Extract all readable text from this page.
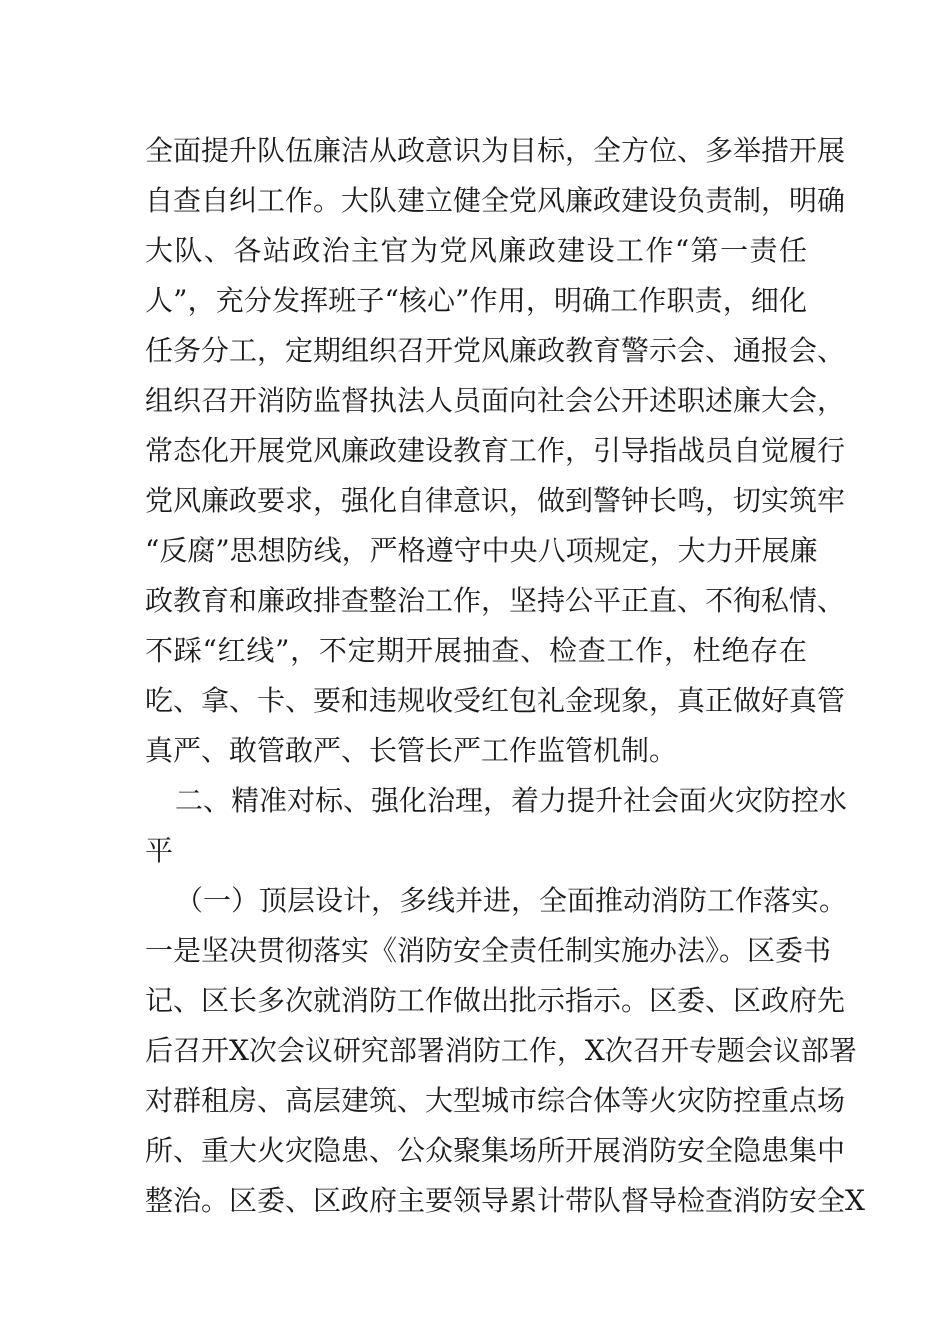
全面提升队伍廉洁从政意识为目标，全方位、多举措开展
自查自纠工作。大队建立健全党风廉政建设负责制，明确
大队、各站政治主官为党风廉政建设工作“第一责任
人”，充分发挥班子“核心”作用，明确工作职责，细化
任务分工，定期组织召开党风廉政教育警示会、通报会、
组织召开消防监督执法人员面向社会公开述职述廉大会，
常态化开展党风廉政建设教育工作，引导指战员自觉履行
党风廉政要求，强化自律意识，做到警钟长鸣，切实筑牢
“反腐”思想防线，严格遵守中央八项规定，大力开展廉
政教育和廉政排查整治工作，坚持公平正直、不徇私情、
不踩“红线”，不定期开展抽查、检查工作，杜绝存在
吃、拿、卡、要和违规收受红包礼金现象，真正做好真管
真严、敢管敢严、长管长严工作监管机制。
二、精准对标、强化治理，着力提升社会面火灾防控水
平
（一）顶层设计，多线并进，全面推动消防工作落实。
一是坚决贯彻落实《消防安全责任制实施办法》。区委书
记、区长多次就消防工作做出批示指示。区委、区政府先
后召开X次会议研究部署消防工作，X次召开专题会议部署
对群租房、高层建筑、大型城市综合体等火灾防控重点场
所、重大火灾隐患、公众聚集场所开展消防安全隐患集中
整治。区委、区政府主要领导累计带队督导检查消防安全X
